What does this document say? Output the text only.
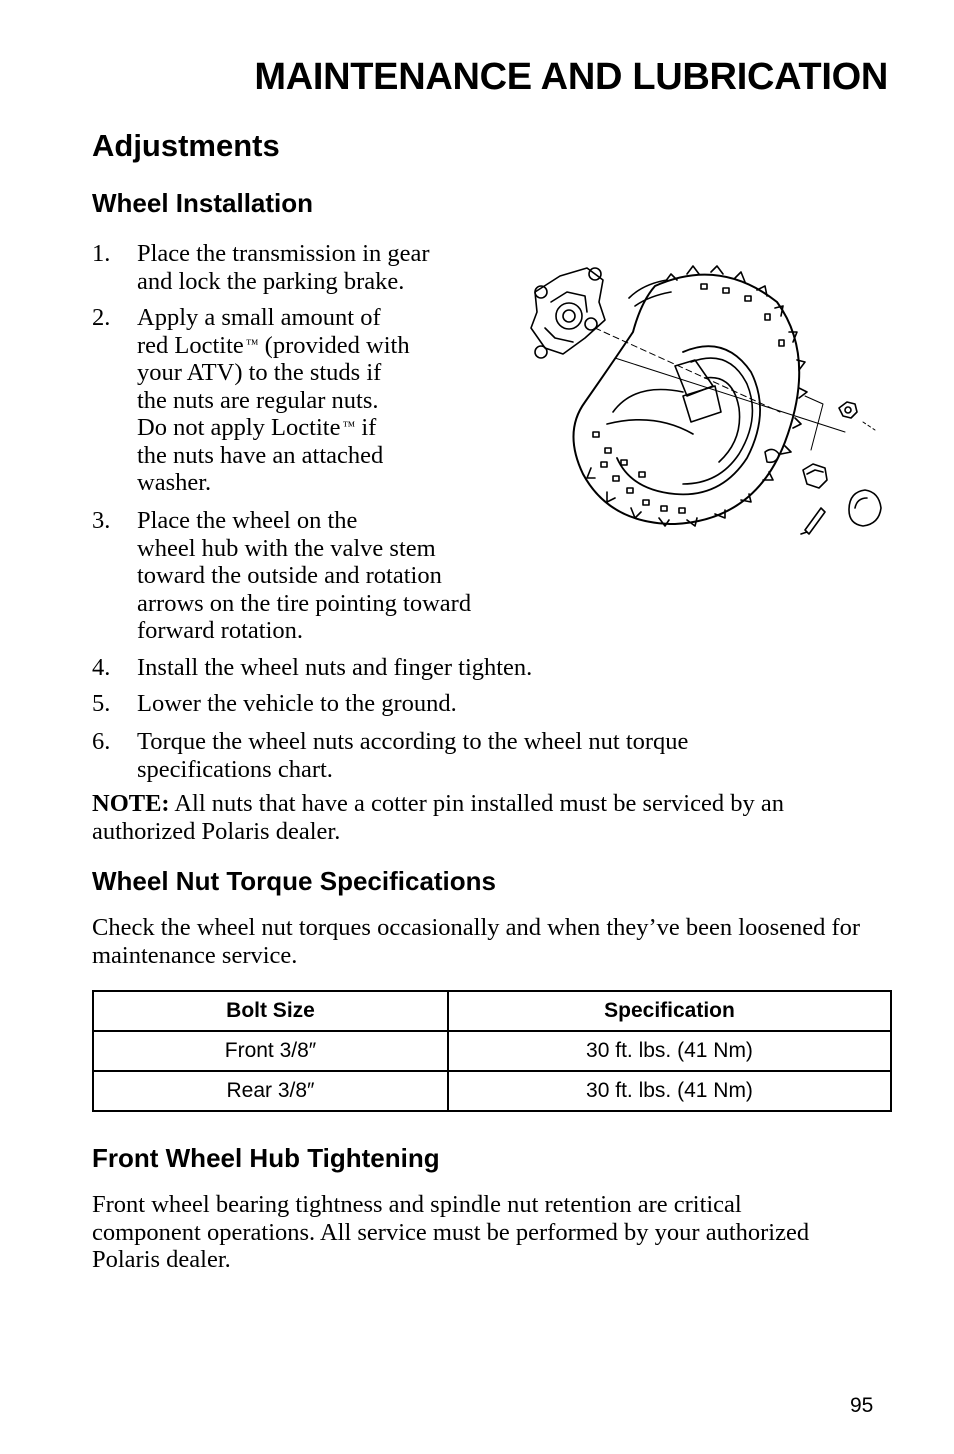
MAINTENANCE AND LUBRICATION
Adjustments
Wheel Installation
1. Place the transmission in gear
and lock the parking brake.
2. Apply a small amount of
red Loctite ™ (provided with
your ATV) to the studs if
the nuts are regular nuts.
Do not apply Loctite ™ if
the nuts have an attached
washer.
3. Place the wheel on the
wheel hub with the valve stem
toward the outside and rotation
arrows on the tire pointing toward
forward rotation.
4. Install the wheel nuts and finger tighten.
5. Lower the vehicle to the ground.
6. Torque the wheel nuts according to the wheel nut torque
specifications chart.

NOTE: All nuts that have a cotter pin installed must be serviced by an authorized Polaris dealer.

Wheel Nut Torque Specifications

Check the wheel nut torques occasionally and when they’ve been loosened for maintenance service.

Bolt Size	Specification
Front 3/8″	30 ft. lbs. (41 Nm)
Rear 3/8″	30 ft. lbs. (41 Nm)
Front Wheel Hub Tightening

Front wheel bearing tightness and spindle nut retention are critical component operations. All service must be performed by your authorized Polaris dealer.

95
